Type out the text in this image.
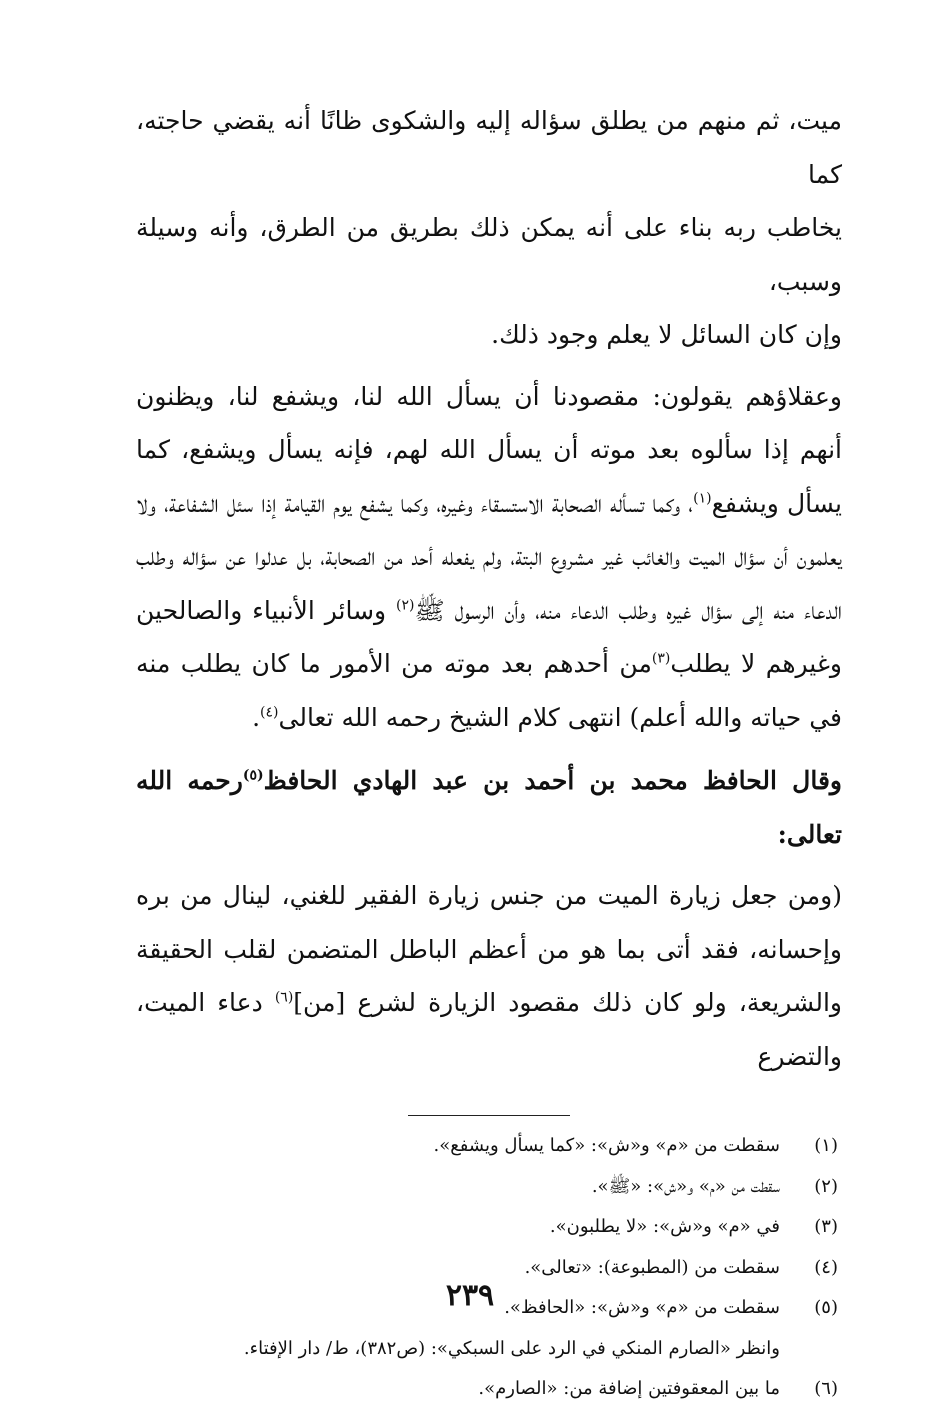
ميت، ثم منهم من يطلق سؤاله إليه والشكوى ظانًا أنه يقضي حاجته، كما
يخاطب ربه بناء على أنه يمكن ذلك بطريق من الطرق، وأنه وسيلة وسبب،
وإن كان السائل لا يعلم وجود ذلك.

وعقلاؤهم يقولون: مقصودنا أن يسأل الله لنا، ويشفع لنا، ويظنون أنهم إذا سألوه بعد موته أن يسأل الله لهم، فإنه يسأل ويشفع، كما يسأل ويشفع$^{(١)}$، وكما تسأله الصحابة الاستسقاء وغيره، وكما يشفع يوم القيامة إذا سئل الشفاعة، ولا يعلمون أن سؤال الميت والغائب غير مشروع البتة، ولم يفعله أحد من الصحابة، بل عدلوا عن سؤاله وطلب الدعاء منه إلى سؤال غيره وطلب الدعاء منه، وأن الرسول ﷺ$^{(٢)}$ وسائر الأنبياء والصالحين وغيرهم لا يطلب$^{(٣)}$من أحدهم بعد موته من الأمور ما كان يطلب منه في حياته والله أعلم) انتهى كلام الشيخ رحمه الله تعالى$^{(٤)}$.

وقال الحافظ محمد بن أحمد بن عبد الهادي الحافظ$^{(٥)}$رحمه الله تعالى:

(ومن جعل زيارة الميت من جنس زيارة الفقير للغني، لينال من بره وإحسانه، فقد أتى بما هو من أعظم الباطل المتضمن لقلب الحقيقة والشريعة، ولو كان ذلك مقصود الزيارة لشرع [من]$^{(٦)}$ دعاء الميت، والتضرع

(١)
سقطت من «م» و«ش»: «كما يسأل ويشفع».
(٢)
سقطت من «م» و«ش»: «ﷺ».
(٣)
في «م» و«ش»: «لا يطلبون».
(٤)
سقطت من (المطبوعة): «تعالى».
(٥)
سقطت من «م» و«ش»: «الحافظ».
وانظر «الصارم المنكي في الرد على السبكي»: (ص٣٨٢)، ط/ دار الإفتاء.
(٦)
ما بين المعقوفتين إضافة من: «الصارم».
٢٣٩
